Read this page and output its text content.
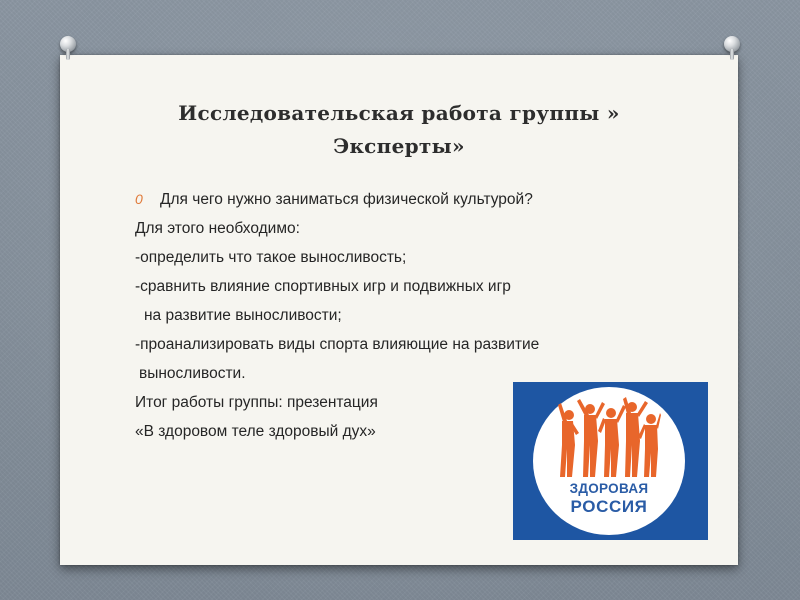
Исследовательская работа группы »
Эксперты»
0 Для чего нужно заниматься физической культурой?
Для этого необходимо:
-определить что такое выносливость;
-сравнить влияние спортивных игр и подвижных игр
на развитие выносливости;
-проанализировать виды спорта влияющие на развитие
выносливости.
Итог работы группы: презентация
«В здоровом теле здоровый дух»
ЗДОРОВАЯ
РОССИЯ
